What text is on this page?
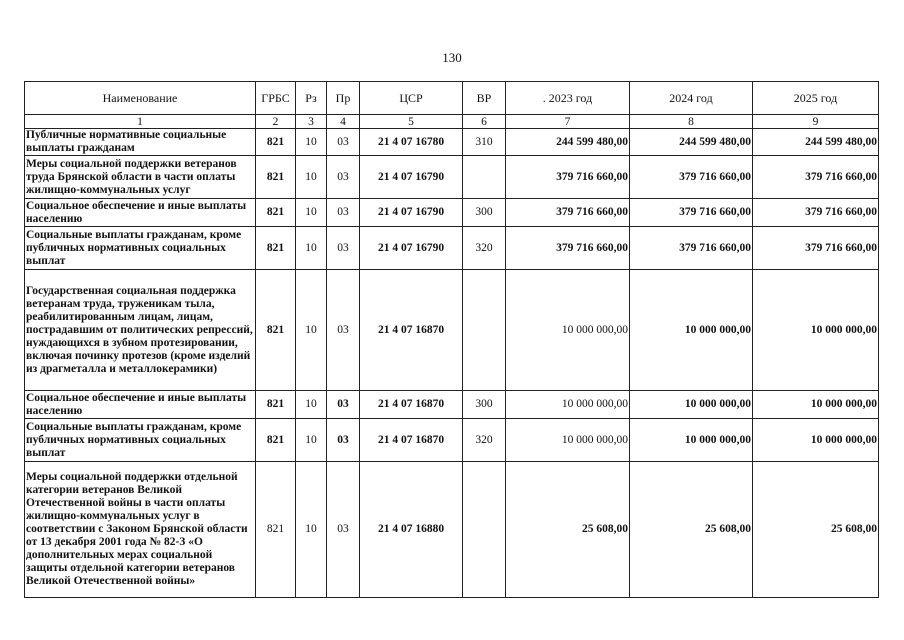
130
Наименование	ГРБС	Рз	Пр	ЦСР	ВР	. 2023 год	2024 год	2025 год
1	2	3	4	5	6	7	8	9
Публичные нормативные социальные выплаты гражданам	821	10	03	21 4 07 16780	310	244 599 480,00	244 599 480,00	244 599 480,00
Меры социальной поддержки ветеранов труда Брянской области в части оплаты жилищно-коммунальных услуг	821	10	03	21 4 07 16790		379 716 660,00	379 716 660,00	379 716 660,00
Социальное обеспечение и иные выплаты населению	821	10	03	21 4 07 16790	300	379 716 660,00	379 716 660,00	379 716 660,00
Социальные выплаты гражданам, кроме публичных нормативных социальных выплат	821	10	03	21 4 07 16790	320	379 716 660,00	379 716 660,00	379 716 660,00
Государственная социальная поддержка ветеранам труда, труженикам тыла, реабилитированным лицам, лицам, пострадавшим от политических репрессий, нуждающихся в зубном протезировании, включая починку протезов (кроме изделий из драгметалла и металлокерамики)	821	10	03	21 4 07 16870		10 000 000,00	10 000 000,00	10 000 000,00
Социальное обеспечение и иные выплаты населению	821	10	03	21 4 07 16870	300	10 000 000,00	10 000 000,00	10 000 000,00
Социальные выплаты гражданам, кроме публичных нормативных социальных выплат	821	10	03	21 4 07 16870	320	10 000 000,00	10 000 000,00	10 000 000,00
Меры социальной поддержки отдельной категории ветеранов Великой Отечественной войны в части оплаты жилищно-коммунальных услуг в соответствии с Законом Брянской области от 13 декабря 2001 года № 82-З «О дополнительных мерах социальной защиты отдельной категории ветеранов Великой Отечественной войны»	821	10	03	21 4 07 16880		25 608,00	25 608,00	25 608,00
